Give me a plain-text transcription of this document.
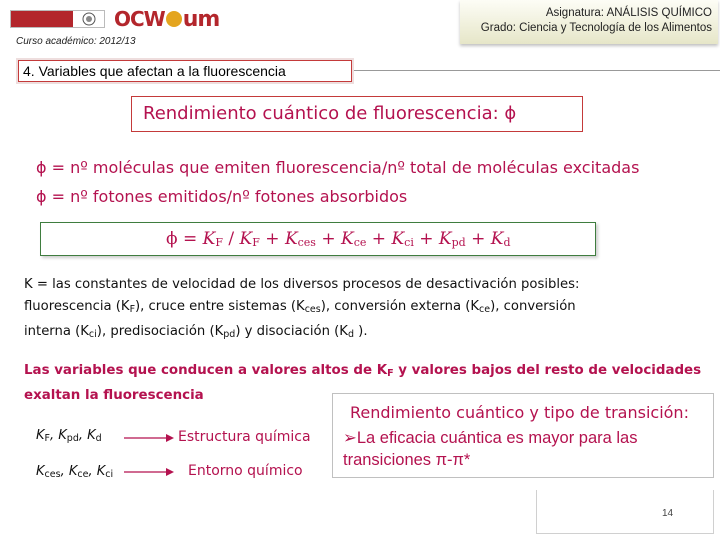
OCW um
Curso académico: 2012/13
Asignatura: ANÁLISIS QUÍMICO
Grado: Ciencia y Tecnología de los Alimentos
4. Variables que afectan a la fluorescencia
Rendimiento cuántico de fluorescencia: ϕ
ϕ = nº moléculas que emiten fluorescencia/nº total de moléculas excitadas
ϕ = nº fotones emitidos/nº fotones absorbidos
$\phi = K_F / K_F + K_{ces} + K_{ce} + K_{ci} + K_{pd} + K_d$
K = las constantes de velocidad de los diversos procesos de desactivación posibles:
fluorescencia $(K_F)$, cruce entre sistemas $(K_{ces})$, conversión externa $(K_{ce})$, conversión
interna $(K_{ci})$, predisociación $(K_{pd})$ y disociación ($K_d$ ).
Las variables que conducen a valores altos de $K_F$ y valores bajos del resto de velocidades
exaltan la fluorescencia
$K_F$, $K_{pd}$, $K_d$	Estructura química
$K_{ces}$, $K_{ce}$, $K_{ci}$	Entorno químico
Rendimiento cuántico y tipo de transición:
➢La eficacia cuántica es mayor para las
transiciones π-π*
14
